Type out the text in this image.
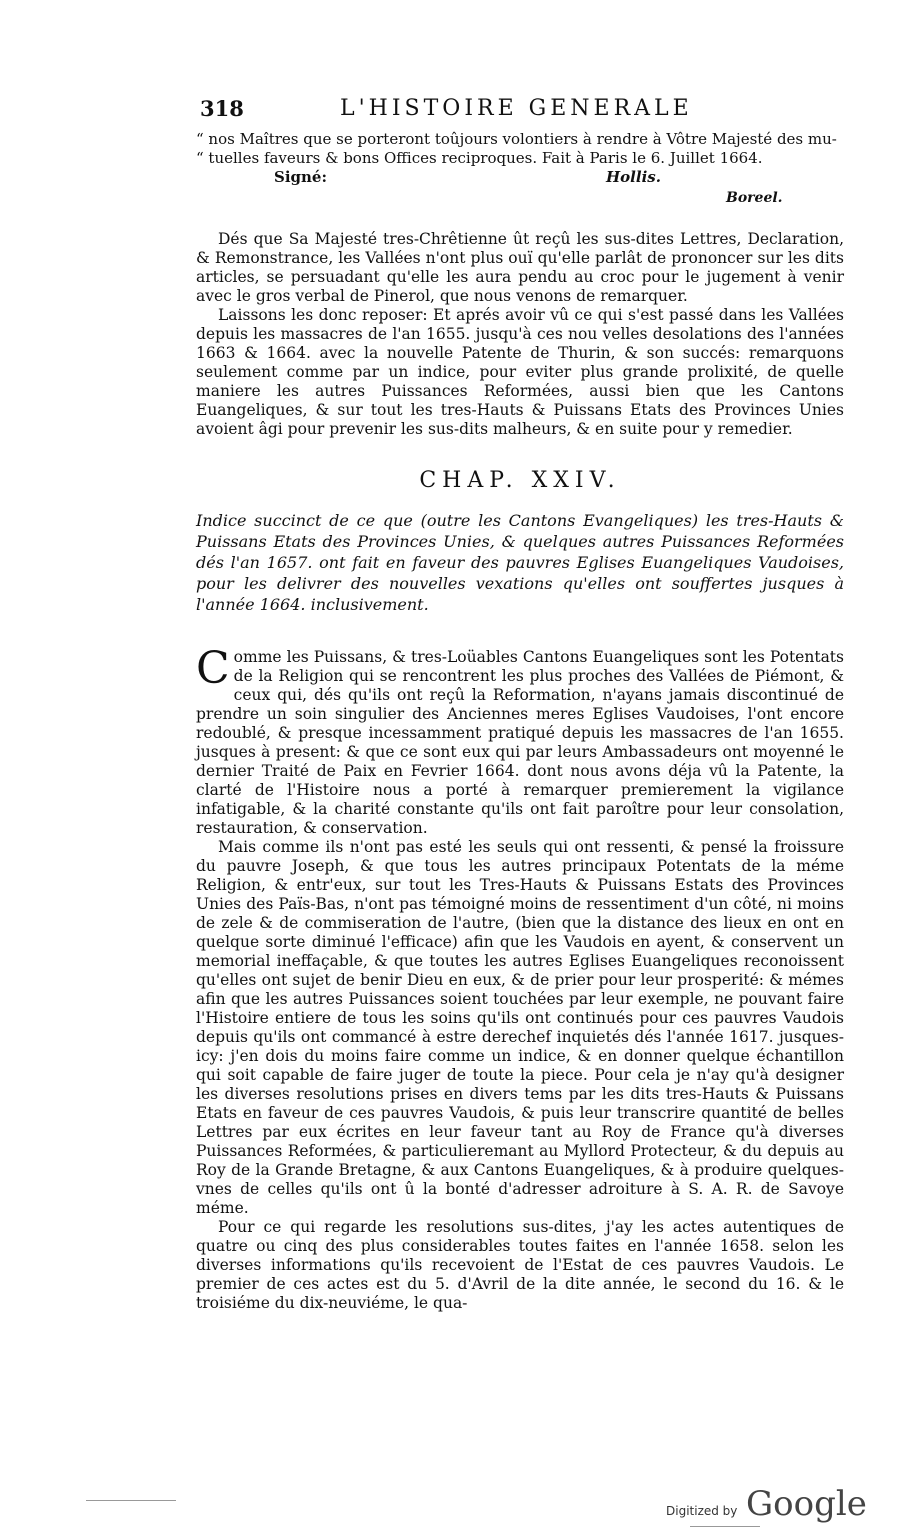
318	L'HISTOIRE GENERALE
“ nos Maîtres que se porteront toûjours volontiers à rendre à Vôtre Majesté des mu-
“ tuelles faveurs & bons Offices reciproques. Fait à Paris le 6. Juillet 1664.
Signé:	Hollis.
Boreel.

Dés que Sa Majesté tres-Chrêtienne ût reçû les sus-dites Lettres, Declaration, & Remonstrance, les Vallées n'ont plus ouï qu'elle parlât de prononcer sur les dits articles, se persuadant qu'elle les aura pendu au croc pour le jugement à venir avec le gros verbal de Pinerol, que nous venons de remarquer.

Laissons les donc reposer: Et aprés avoir vû ce qui s'est passé dans les Vallées depuis les massacres de l'an 1655. jusqu'à ces nou velles desolations des l'années 1663 & 1664. avec la nouvelle Patente de Thurin, & son succés: remarquons seulement comme par un indice, pour eviter plus grande prolixité, de quelle maniere les autres Puissances Reformées, aussi bien que les Cantons Euangeliques, & sur tout les tres-Hauts & Puissans Etats des Provinces Unies avoient âgi pour prevenir les sus-dits malheurs, & en suite pour y remedier.

CHAP. XXIV.
Indice succinct de ce que (outre les Cantons Evangeliques) les tres-Hauts & Puissans Etats des Provinces Unies, & quelques autres Puissances Reformées dés l'an 1657. ont fait en faveur des pauvres Eglises Euangeliques Vaudoises, pour les delivrer des nouvelles vexations qu'elles ont souffertes jusques à l'année 1664. inclusivement.

Comme les Puissans, & tres-Loüables Cantons Euangeliques sont les Potentats de la Religion qui se rencontrent les plus proches des Vallées de Piémont, & ceux qui, dés qu'ils ont reçû la Reformation, n'ayans jamais discontinué de prendre un soin singulier des Anciennes meres Eglises Vaudoises, l'ont encore redoublé, & presque incessamment pratiqué depuis les massacres de l'an 1655. jusques à present: & que ce sont eux qui par leurs Ambassadeurs ont moyenné le dernier Traité de Paix en Fevrier 1664. dont nous avons déja vû la Patente, la clarté de l'Histoire nous a porté à remarquer premierement la vigilance infatigable, & la charité constante qu'ils ont fait paroître pour leur consolation, restauration, & conservation.

Mais comme ils n'ont pas esté les seuls qui ont ressenti, & pensé la froissure du pauvre Joseph, & que tous les autres principaux Potentats de la méme Religion, & entr'eux, sur tout les Tres-Hauts & Puissans Estats des Provinces Unies des Païs-Bas, n'ont pas témoigné moins de ressentiment d'un côté, ni moins de zele & de commiseration de l'autre, (bien que la distance des lieux en ont en quelque sorte diminué l'efficace) afin que les Vaudois en ayent, & conservent un memorial ineffaçable, & que toutes les autres Eglises Euangeliques reconoissent qu'elles ont sujet de benir Dieu en eux, & de prier pour leur prosperité: & mémes afin que les autres Puissances soient touchées par leur exemple, ne pouvant faire l'Histoire entiere de tous les soins qu'ils ont continués pour ces pauvres Vaudois depuis qu'ils ont commancé à estre derechef inquietés dés l'année 1617. jusques-icy: j'en dois du moins faire comme un indice, & en donner quelque échantillon qui soit capable de faire juger de toute la piece. Pour cela je n'ay qu'à designer les diverses resolutions prises en divers tems par les dits tres-Hauts & Puissans Etats en faveur de ces pauvres Vaudois, & puis leur transcrire quantité de belles Lettres par eux écrites en leur faveur tant au Roy de France qu'à diverses Puissances Reformées, & particulieremant au Myllord Protecteur, & du depuis au Roy de la Grande Bretagne, & aux Cantons Euangeliques, & à produire quelques-vnes de celles qu'ils ont û la bonté d'adresser adroiture à S. A. R. de Savoye méme.

Pour ce qui regarde les resolutions sus-dites, j'ay les actes autentiques de quatre ou cinq des plus considerables toutes faites en l'année 1658. selon les diverses informations qu'ils recevoient de l'Estat de ces pauvres Vaudois. Le premier de ces actes est du 5. d'Avril de la dite année, le second du 16. & le troisiéme du dix-neuviéme, le qua-

Digitized by Google
